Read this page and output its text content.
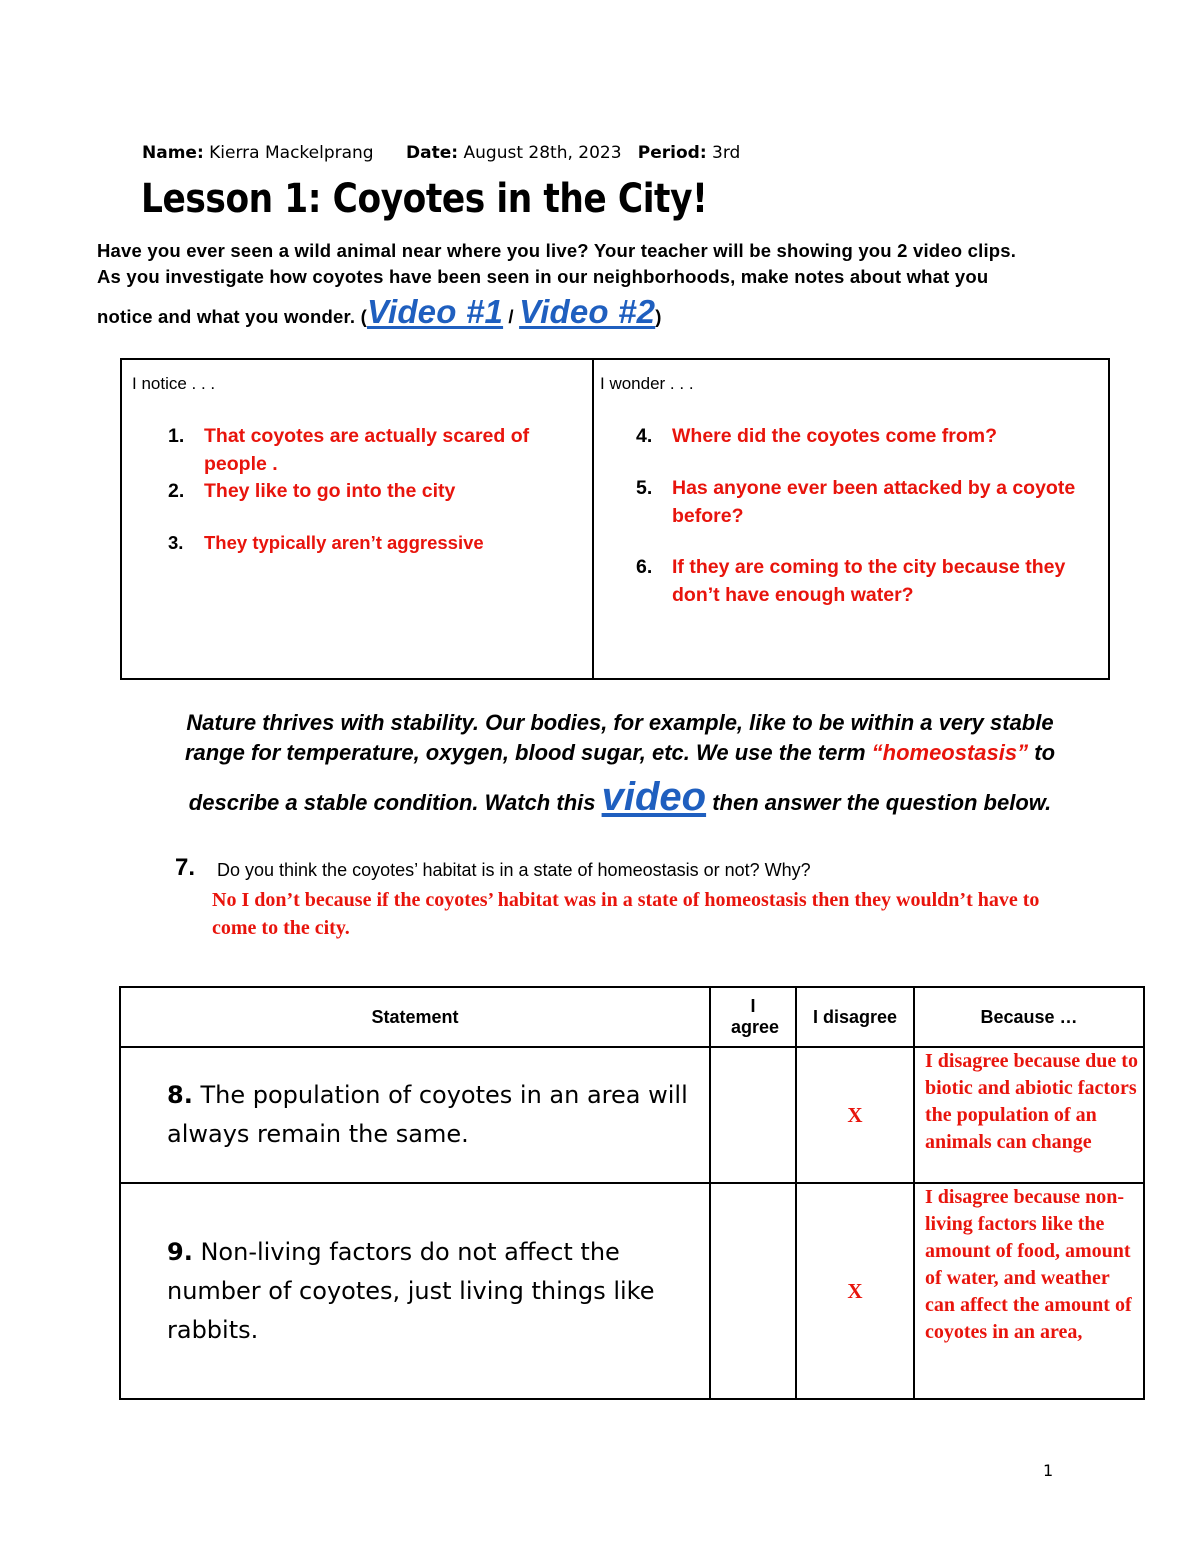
Name: Kierra Mackelprang Date: August 28th, 2023 Period: 3rd
Lesson 1: Coyotes in the City!
Have you ever seen a wild animal near where you live? Your teacher will be showing you 2 video clips.
As you investigate how coyotes have been seen in our neighborhoods, make notes about what you
notice and what you wonder. (Video #1 / Video #2)
I notice . . .
1. That coyotes are actually scared of people .
2. They like to go into the city
3. They typically aren’t aggressive
I wonder . . .
4. Where did the coyotes come from?
5. Has anyone ever been attacked by a coyote before?
6. If they are coming to the city because they don’t have enough water?
Nature thrives with stability. Our bodies, for example, like to be within a very stable
range for temperature, oxygen, blood sugar, etc. We use the term “homeostasis” to
describe a stable condition. Watch this video then answer the question below.
7. Do you think the coyotes’ habitat is in a state of homeostasis or not? Why?
No I don’t because if the coyotes’ habitat was in a state of homeostasis then they wouldn’t have to come to the city.
Statement	I agree	I disagree	Because …
8. The population of coyotes in an area will always remain the same.		X	I disagree because due to biotic and abiotic factors the population of an animals can change
9. Non-living factors do not affect the number of coyotes, just living things like rabbits.		X	I disagree because non-living factors like the amount of food, amount of water, and weather can affect the amount of coyotes in an area,
1
